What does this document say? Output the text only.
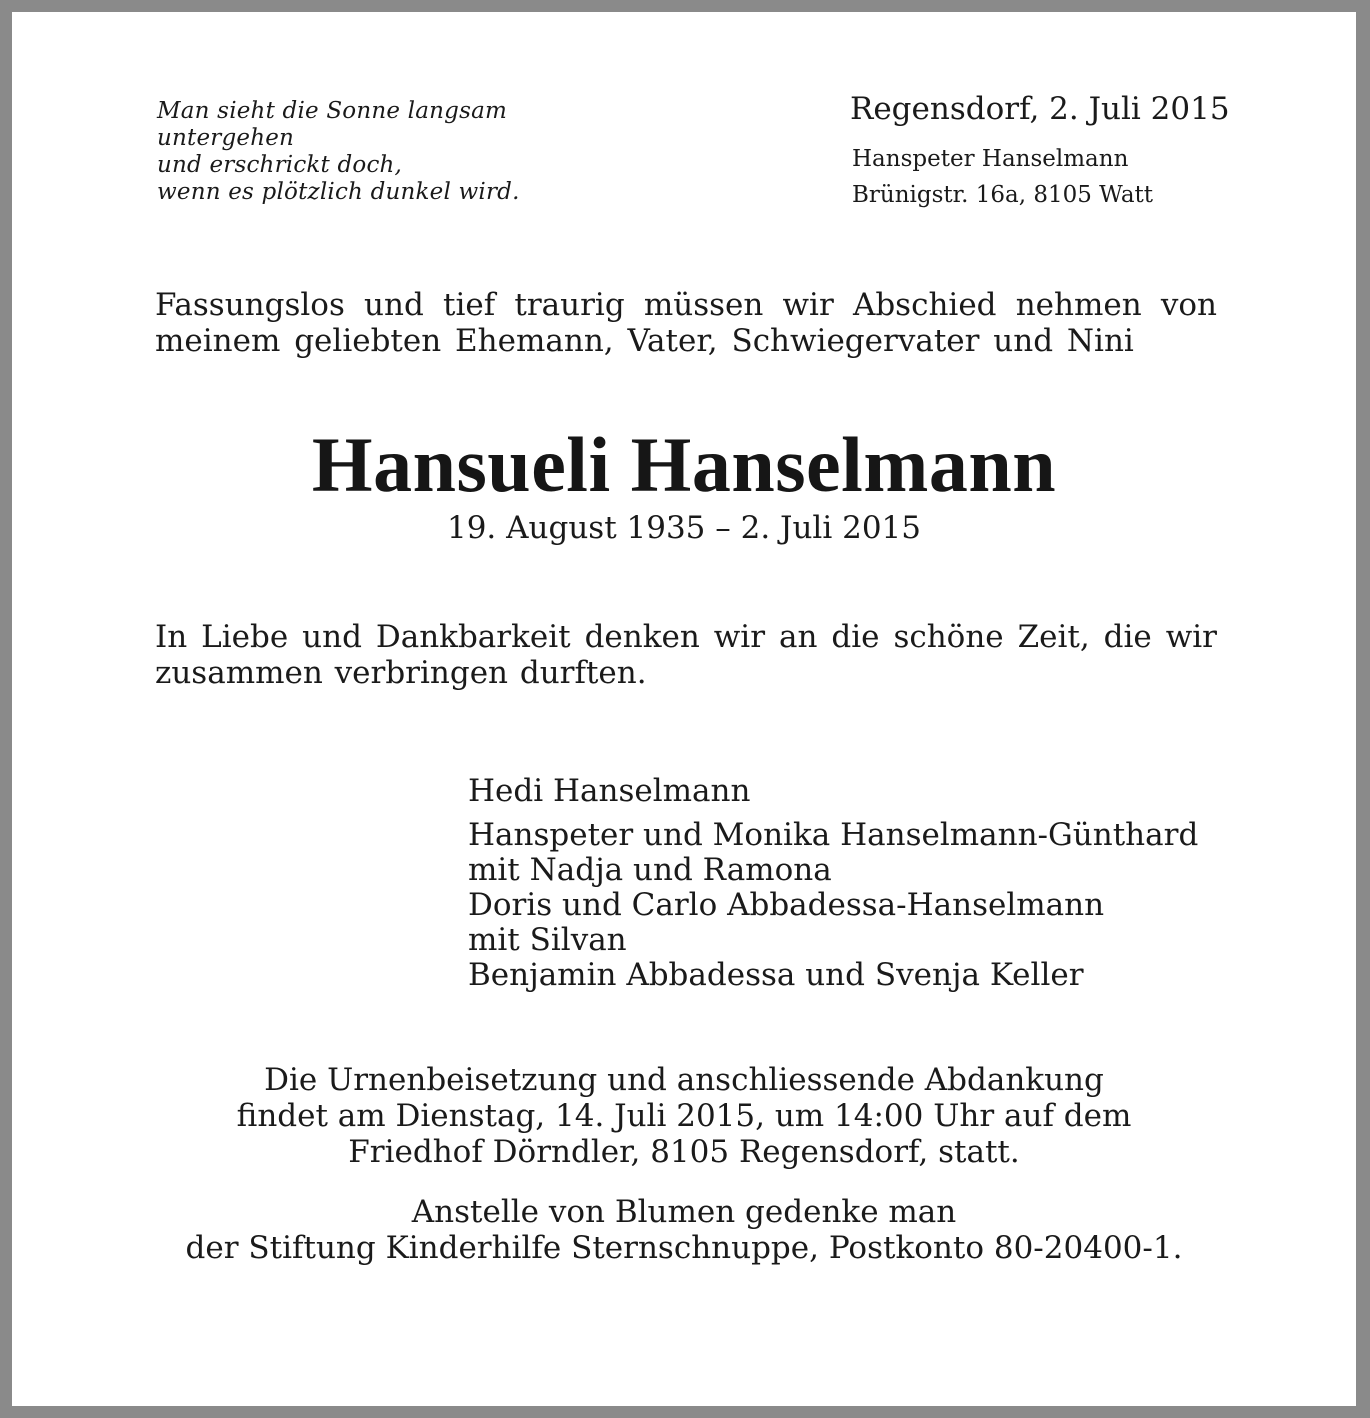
Man sieht die Sonne langsam
untergehen
und erschrickt doch,
wenn es plötzlich dunkel wird.
Regensdorf, 2. Juli 2015
Hanspeter Hanselmann
Brünigstr. 16a, 8105 Watt

Fassungslos und tief traurig müssen wir Abschied nehmen von meinem geliebten Ehemann, Vater, Schwiegervater und Nini

Hansueli Hanselmann
19. August 1935 – 2. Juli 2015

In Liebe und Dankbarkeit denken wir an die schöne Zeit, die wir zusammen verbringen durften.

Hedi Hanselmann
Hanspeter und Monika Hanselmann-Günthard
mit Nadja und Ramona
Doris und Carlo Abbadessa-Hanselmann
mit Silvan
Benjamin Abbadessa und Svenja Keller
Die Urnenbeisetzung und anschliessende Abdankung
findet am Dienstag, 14. Juli 2015, um 14:00 Uhr auf dem
Friedhof Dörndler, 8105 Regensdorf, statt.
Anstelle von Blumen gedenke man
der Stiftung Kinderhilfe Sternschnuppe, Postkonto 80-20400-1.
